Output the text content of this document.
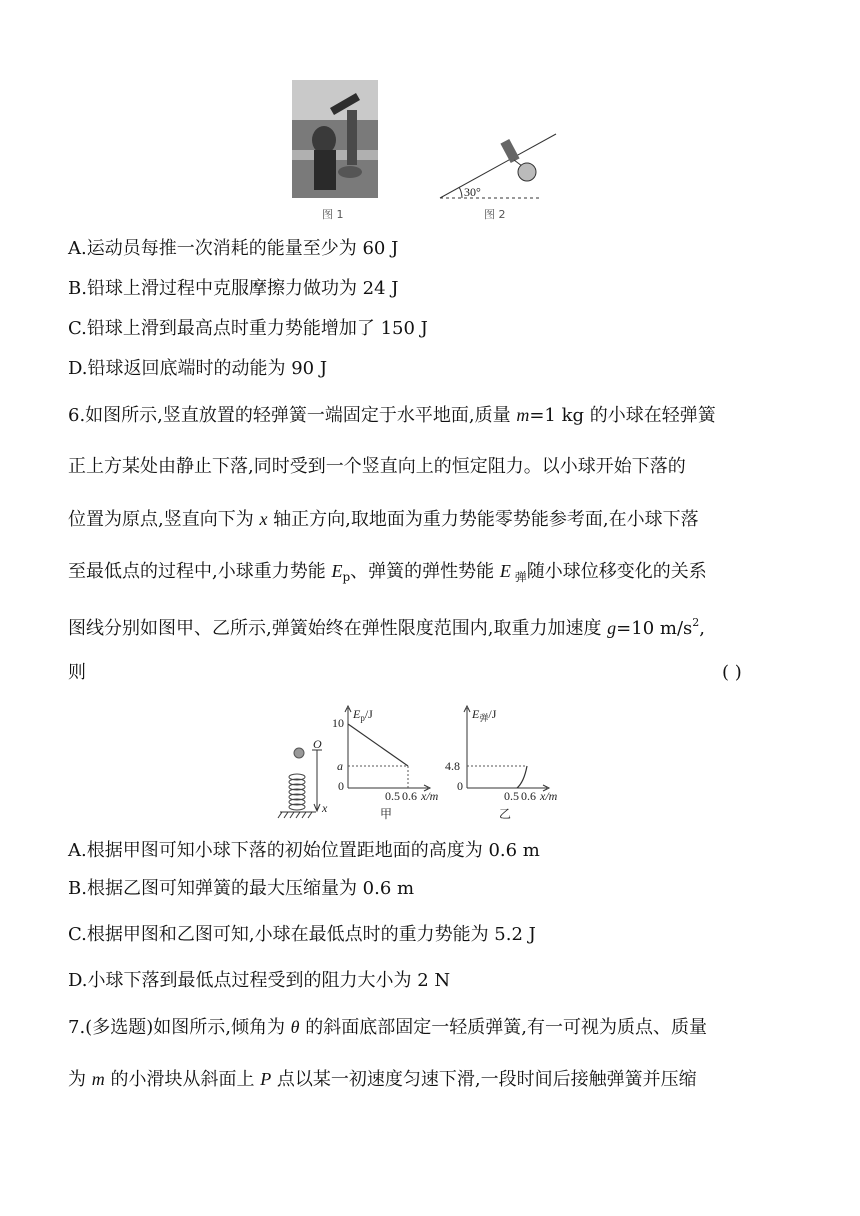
图 1
30°
图 2
A.运动员每推一次消耗的能量至少为 60 J
B.铅球上滑过程中克服摩擦力做功为 24 J
C.铅球上滑到最高点时重力势能增加了 150 J
D.铅球返回底端时的动能为 90 J
6.如图所示,竖直放置的轻弹簧一端固定于水平地面,质量 m=1 kg 的小球在轻弹簧
正上方某处由静止下落,同时受到一个竖直向上的恒定阻力。以小球开始下落的
位置为原点,竖直向下为 x 轴正方向,取地面为重力势能零势能参考面,在小球下落
至最低点的过程中,小球重力势能 $E_p$、弹簧的弹性势能 E $_弹$随小球位移变化的关系
图线分别如图甲、乙所示,弹簧始终在弹性限度范围内,取重力加速度 g=10 $m/s^2$,
则	( )
O
x
$E_p/J$
10
a
0
0.5 0.6 x/m
甲
$E_弹/J$
4.8
0
0.5 0.6 x/m
乙
A.根据甲图可知小球下落的初始位置距地面的高度为 0.6 m
B.根据乙图可知弹簧的最大压缩量为 0.6 m
C.根据甲图和乙图可知,小球在最低点时的重力势能为 5.2 J
D.小球下落到最低点过程受到的阻力大小为 2 N
7.(多选题)如图所示,倾角为 θ 的斜面底部固定一轻质弹簧,有一可视为质点、质量
为 m 的小滑块从斜面上 P 点以某一初速度匀速下滑,一段时间后接触弹簧并压缩
